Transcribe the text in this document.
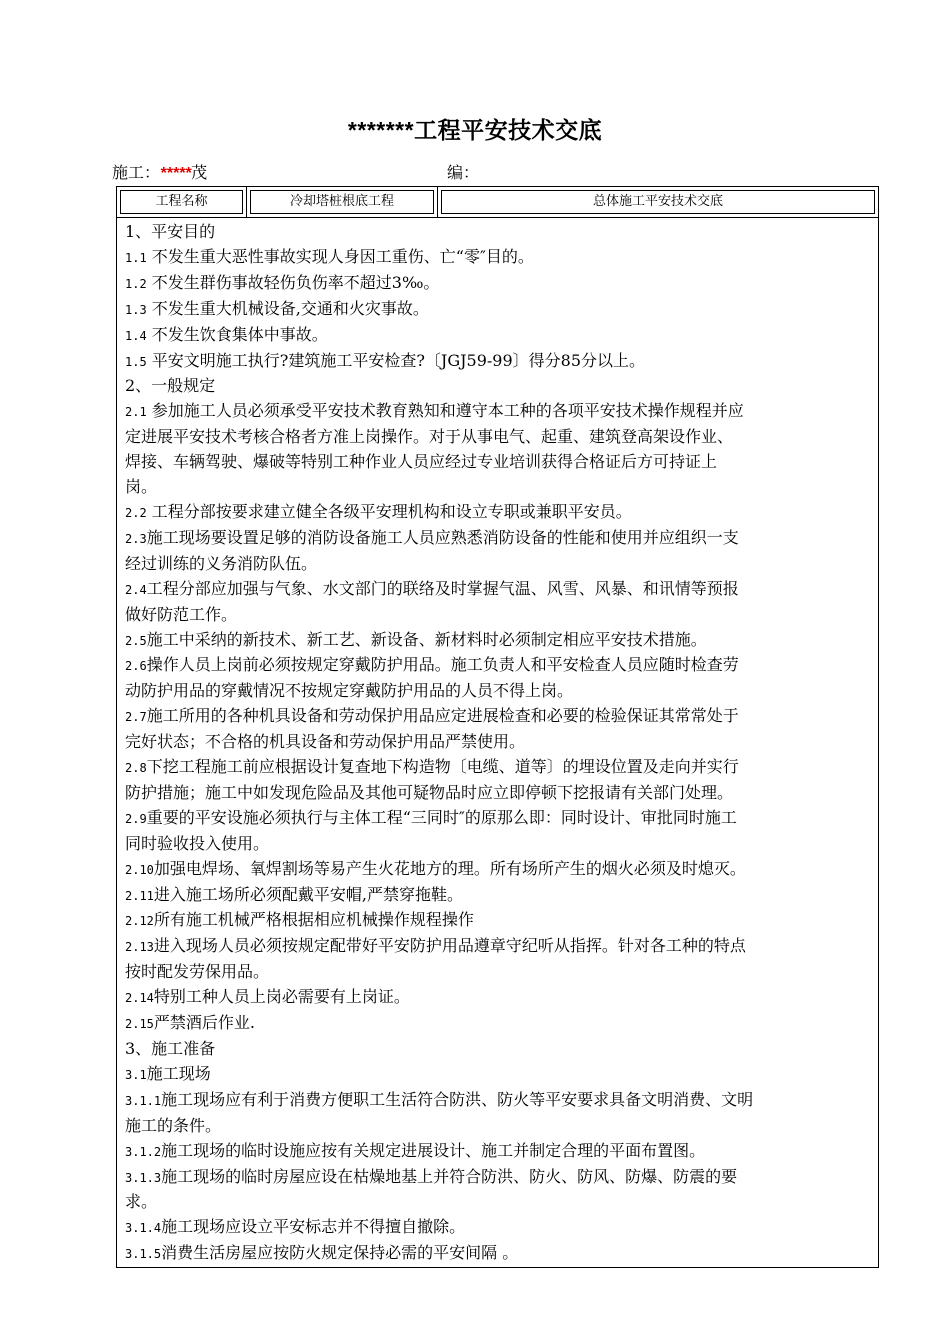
*******工程平安技术交底
施工：*****茂	编：
工程名称	冷却塔桩根底工程	总体施工平安技术交底
1、平安目的
1.1 不发生重大恶性事故实现人身因工重伤、亡“零″目的。
1.2 不发生群伤事故轻伤负伤率不超过3‰。
1.3 不发生重大机械设备,交通和火灾事故。
1.4 不发生饮食集体中事故。
1.5 平安文明施工执行?建筑施工平安检查?〔JGJ59-99〕得分85分以上。
2、一般规定
2.1 参加施工人员必须承受平安技术教育熟知和遵守本工种的各项平安技术操作规程并应
定进展平安技术考核合格者方准上岗操作。对于从事电气、起重、建筑登高架设作业、
焊接、车辆驾驶、爆破等特别工种作业人员应经过专业培训获得合格证后方可持证上
岗。
2.2 工程分部按要求建立健全各级平安理机构和设立专职或兼职平安员。
2.3施工现场要设置足够的消防设备施工人员应熟悉消防设备的性能和使用并应组织一支
经过训练的义务消防队伍。
2.4工程分部应加强与气象、水文部门的联络及时掌握气温、风雪、风暴、和讯情等预报
做好防范工作。
2.5施工中采纳的新技术、新工艺、新设备、新材料时必须制定相应平安技术措施。
2.6操作人员上岗前必须按规定穿戴防护用品。施工负责人和平安检查人员应随时检查劳
动防护用品的穿戴情况不按规定穿戴防护用品的人员不得上岗。
2.7施工所用的各种机具设备和劳动保护用品应定进展检查和必要的检验保证其常常处于
完好状态；不合格的机具设备和劳动保护用品严禁使用。
2.8下挖工程施工前应根据设计复查地下构造物〔电缆、道等〕的埋设位置及走向并实行
防护措施；施工中如发现危险品及其他可疑物品时应立即停顿下挖报请有关部门处理。
2.9重要的平安设施必须执行与主体工程“三同时″的原那么即：同时设计、审批同时施工
同时验收投入使用。
2.10加强电焊场、氧焊割场等易产生火花地方的理。所有场所产生的烟火必须及时熄灭。
2.11进入施工场所必须配戴平安帽,严禁穿拖鞋。
2.12所有施工机械严格根据相应机械操作规程操作
2.13进入现场人员必须按规定配带好平安防护用品遵章守纪听从指挥。针对各工种的特点
按时配发劳保用品。
2.14特别工种人员上岗必需要有上岗证。
2.15严禁酒后作业.
3、施工准备
3.1施工现场
3.1.1施工现场应有利于消费方便职工生活符合防洪、防火等平安要求具备文明消费、文明
施工的条件。
3.1.2施工现场的临时设施应按有关规定进展设计、施工并制定合理的平面布置图。
3.1.3施工现场的临时房屋应设在枯燥地基上并符合防洪、防火、防风、防爆、防震的要
求。
3.1.4施工现场应设立平安标志并不得擅自撤除。
3.1.5消费生活房屋应按防火规定保持必需的平安间隔 。
